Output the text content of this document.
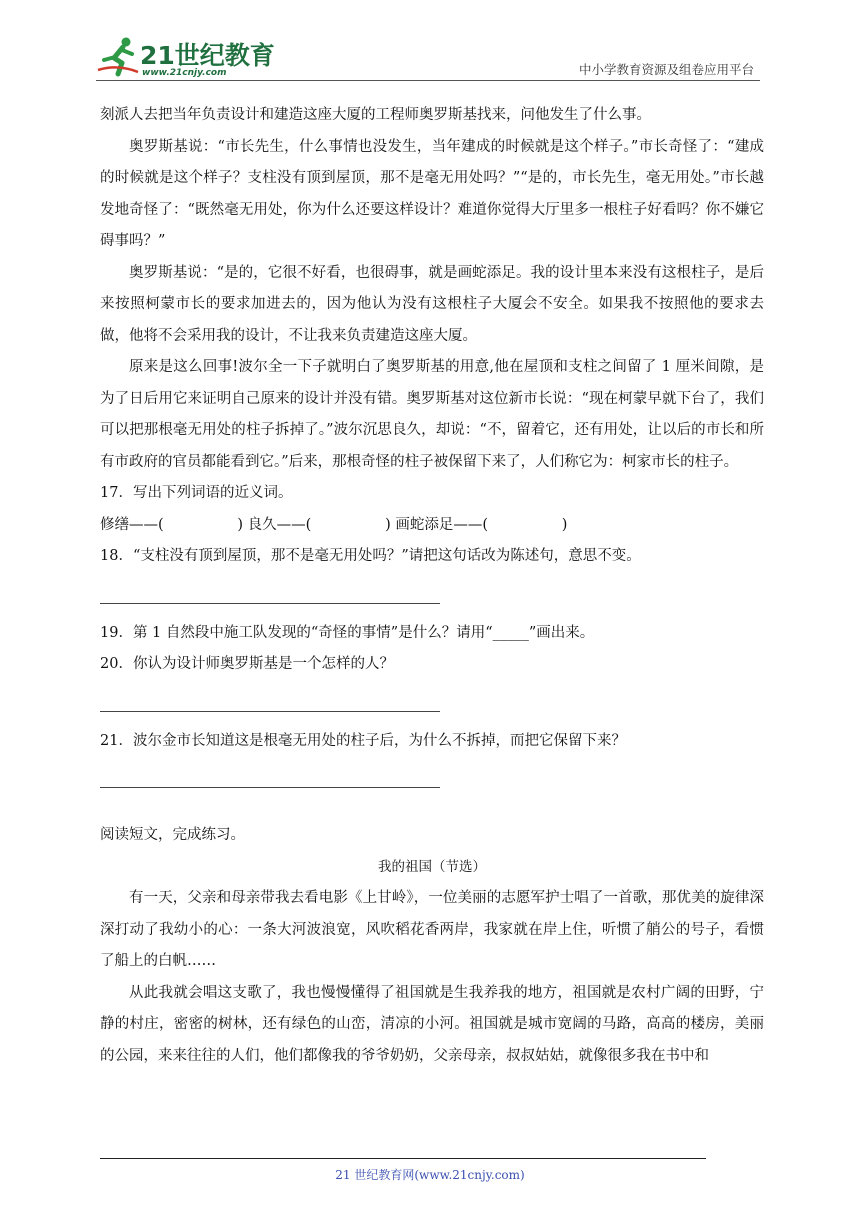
21世纪教育
www.21cnjy.com	中小学教育资源及组卷应用平台

刻派人去把当年负责设计和建造这座大厦的工程师奥罗斯基找来，问他发生了什么事。

奥罗斯基说：“市长先生，什么事情也没发生，当年建成的时候就是这个样子。”市长奇怪了：“建成的时候就是这个样子？支柱没有顶到屋顶，那不是毫无用处吗？”“是的，市长先生，毫无用处。”市长越发地奇怪了：“既然毫无用处，你为什么还要这样设计？难道你觉得大厅里多一根柱子好看吗？你不嫌它碍事吗？”

奥罗斯基说：“是的，它很不好看，也很碍事，就是画蛇添足。我的设计里本来没有这根柱子，是后来按照柯蒙市长的要求加进去的，因为他认为没有这根柱子大厦会不安全。如果我不按照他的要求去做，他将不会采用我的设计，不让我来负责建造这座大厦。

原来是这么回事!波尔全一下子就明白了奥罗斯基的用意,他在屋顶和支柱之间留了 1 厘米间隙，是为了日后用它来证明自己原来的设计并没有错。奥罗斯基对这位新市长说：“现在柯蒙早就下台了，我们可以把那根毫无用处的柱子拆掉了。”波尔沉思良久，却说：“不，留着它，还有用处，让以后的市长和所有市政府的官员都能看到它。”后来，那根奇怪的柱子被保留下来了，人们称它为：柯家市长的柱子。

17．写出下列词语的近义词。

修缮——(                ) 良久——(                ) 画蛇添足——(                )

18．“支柱没有顶到屋顶，那不是毫无用处吗？”请把这句话改为陈述句，意思不变。

19．第 1 自然段中施工队发现的“奇怪的事情”是什么？请用“_____”画出来。

20．你认为设计师奥罗斯基是一个怎样的人？

21．波尔金市长知道这是根毫无用处的柱子后，为什么不拆掉，而把它保留下来？

阅读短文，完成练习。

我的祖国（节选）

有一天，父亲和母亲带我去看电影《上甘岭》，一位美丽的志愿军护士唱了一首歌，那优美的旋律深深打动了我幼小的心：一条大河波浪宽，风吹稻花香两岸，我家就在岸上住，听惯了艄公的号子，看惯了船上的白帆……

从此我就会唱这支歌了，我也慢慢懂得了祖国就是生我养我的地方，祖国就是农村广阔的田野，宁静的村庄，密密的树林，还有绿色的山峦，清凉的小河。祖国就是城市宽阔的马路，高高的楼房，美丽的公园，来来往往的人们，他们都像我的爷爷奶奶，父亲母亲，叔叔姑姑，就像很多我在书中和

21 世纪教育网(www.21cnjy.com)
